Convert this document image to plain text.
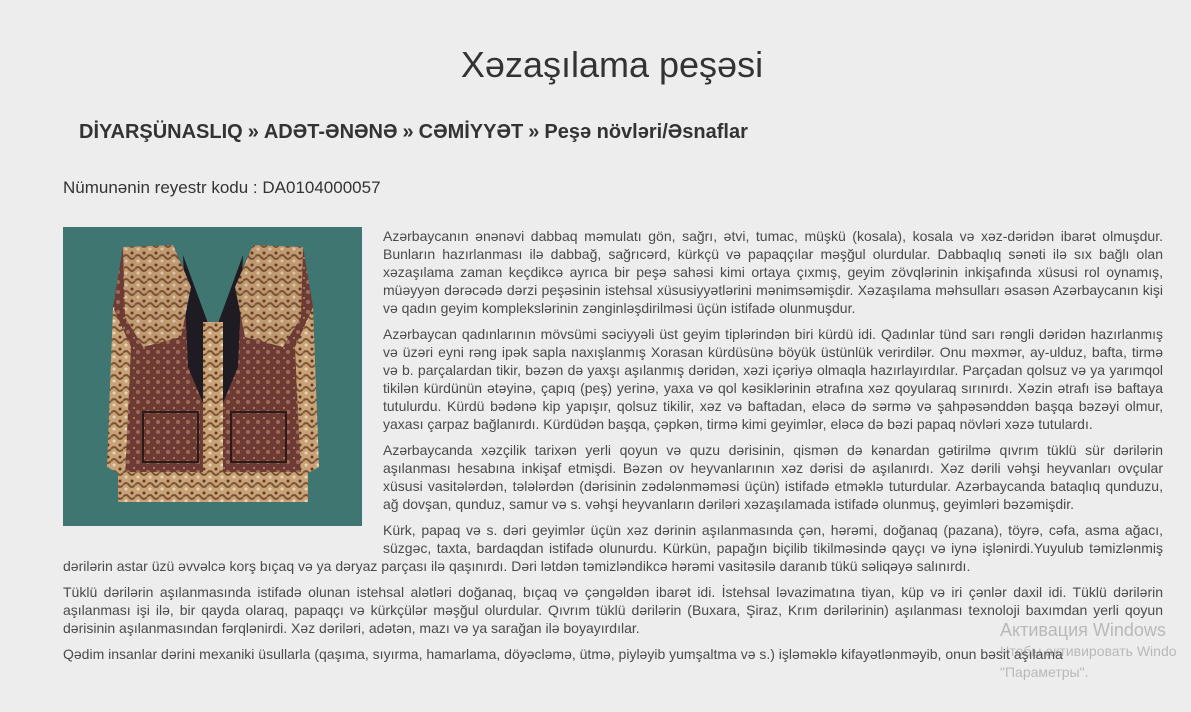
Xəzaşılama peşəsi
DİYARŞÜNASLIQ » ADƏT-ƏNƏNƏ » CƏMİYYƏT » Peşə növləri/Əsnaflar
Nümunənin reyestr kodu : DA0104000057

Azərbaycanın ənənəvi dabbaq məmulatı gön, sağrı, ətvi, tumac, müşkü (kosala), kosala və xəz-dəridən ibarət olmuşdur. Bunların hazırlanması ilə dabbağ, sağrıcərd, kürkçü və papaqçılar məşğul olurdular. Dabbaqlıq sənəti ilə sıx bağlı olan xəzaşılama zaman keçdikcə ayrıca bir peşə sahəsi kimi ortaya çıxmış, geyim zövqlərinin inkişafında xüsusi rol oynamış, müəyyən dərəcədə dərzi peşəsinin istehsal xüsusiyyətlərini mənimsəmişdir. Xəzaşılama məhsulları əsasən Azərbaycanın kişi və qadın geyim komplekslərinin zənginləşdirilməsi üçün istifadə olunmuşdur.

Azərbaycan qadınlarının mövsümi səciyyəli üst geyim tiplərindən biri kürdü idi. Qadınlar tünd sarı rəngli dəridən hazırlanmış və üzəri eyni rəng ipək sapla naxışlanmış Xorasan kürdüsünə böyük üstünlük verirdilər. Onu məxmər, ay-ulduz, bafta, tirmə və b. parçalardan tikir, bəzən də yaxşı aşılanmış dəridən, xəzi içəriyə olmaqla hazırlayırdılar. Parçadan qolsuz və ya yarımqol tikilən kürdünün ətəyinə, çapıq (peş) yerinə, yaxa və qol kəsiklərinin ətrafına xəz qoyularaq sırınırdı. Xəzin ətrafı isə baftaya tutulurdu. Kürdü bədənə kip yapışır, qolsuz tikilir, xəz və baftadan, eləcə də sərmə və şahpəsənddən başqa bəzəyi olmur, yaxası çarpaz bağlanırdı. Kürdüdən başqa, çəpkən, tirmə kimi geyimlər, eləcə də bəzi papaq növləri xəzə tutulardı.

Azərbaycanda xəzçilik tarixən yerli qoyun və quzu dərisinin, qismən də kənardan gətirilmə qıvrım tüklü sür dərilərin aşılanması hesabına inkişaf etmişdi. Bəzən ov heyvanlarının xəz dərisi də aşılanırdı. Xəz dərili vəhşi heyvanları ovçular xüsusi vasitələrdən, tələlərdən (dərisinin zədələnməməsi üçün) istifadə etməklə tuturdular. Azərbaycanda bataqlıq qunduzu, ağ dovşan, qunduz, samur və s. vəhşi heyvanların dəriləri xəzaşılamada istifadə olunmuş, geyimləri bəzəmişdir.

Kürk, papaq və s. dəri geyimlər üçün xəz dərinin aşılanmasında çən, hərəmi, doğanaq (pazana), töyrə, cəfa, asma ağacı, süzgəc, taxta, bardaqdan istifadə olunurdu. Kürkün, papağın biçilib tikilməsində qayçı və iynə işlənirdi.Yuyulub təmizlənmiş dərilərin astar üzü əvvəlcə korş bıçaq və ya dəryaz parçası ilə qaşınırdı. Dəri lətdən təmizləndikcə hərəmi vasitəsilə daranıb tükü səliqəyə salınırdı.

Tüklü dərilərin aşılanmasında istifadə olunan istehsal alətləri doğanaq, bıçaq və çəngəldən ibarət idi. İstehsal ləvazimatına tiyan, küp və iri çənlər daxil idi. Tüklü dərilərin aşılanması işi ilə, bir qayda olaraq, papaqçı və kürkçülər məşğul olurdular. Qıvrım tüklü dərilərin (Buxara, Şiraz, Krım dərilərinin) aşılanması texnoloji baxımdan yerli qoyun dərisinin aşılanmasından fərqlənirdi. Xəz dəriləri, adətən, mazı və ya sarağan ilə boyayırdılar.

Qədim insanlar dərini mexaniki üsullarla (qaşıma, sıyırma, hamarlama, döyəcləmə, ütmə, piyləyib yumşaltma və s.) işləməklə kifayətlənməyib, onun bəsit aşılama

Активация Windows
Чтобы активировать Windo
"Параметры".
